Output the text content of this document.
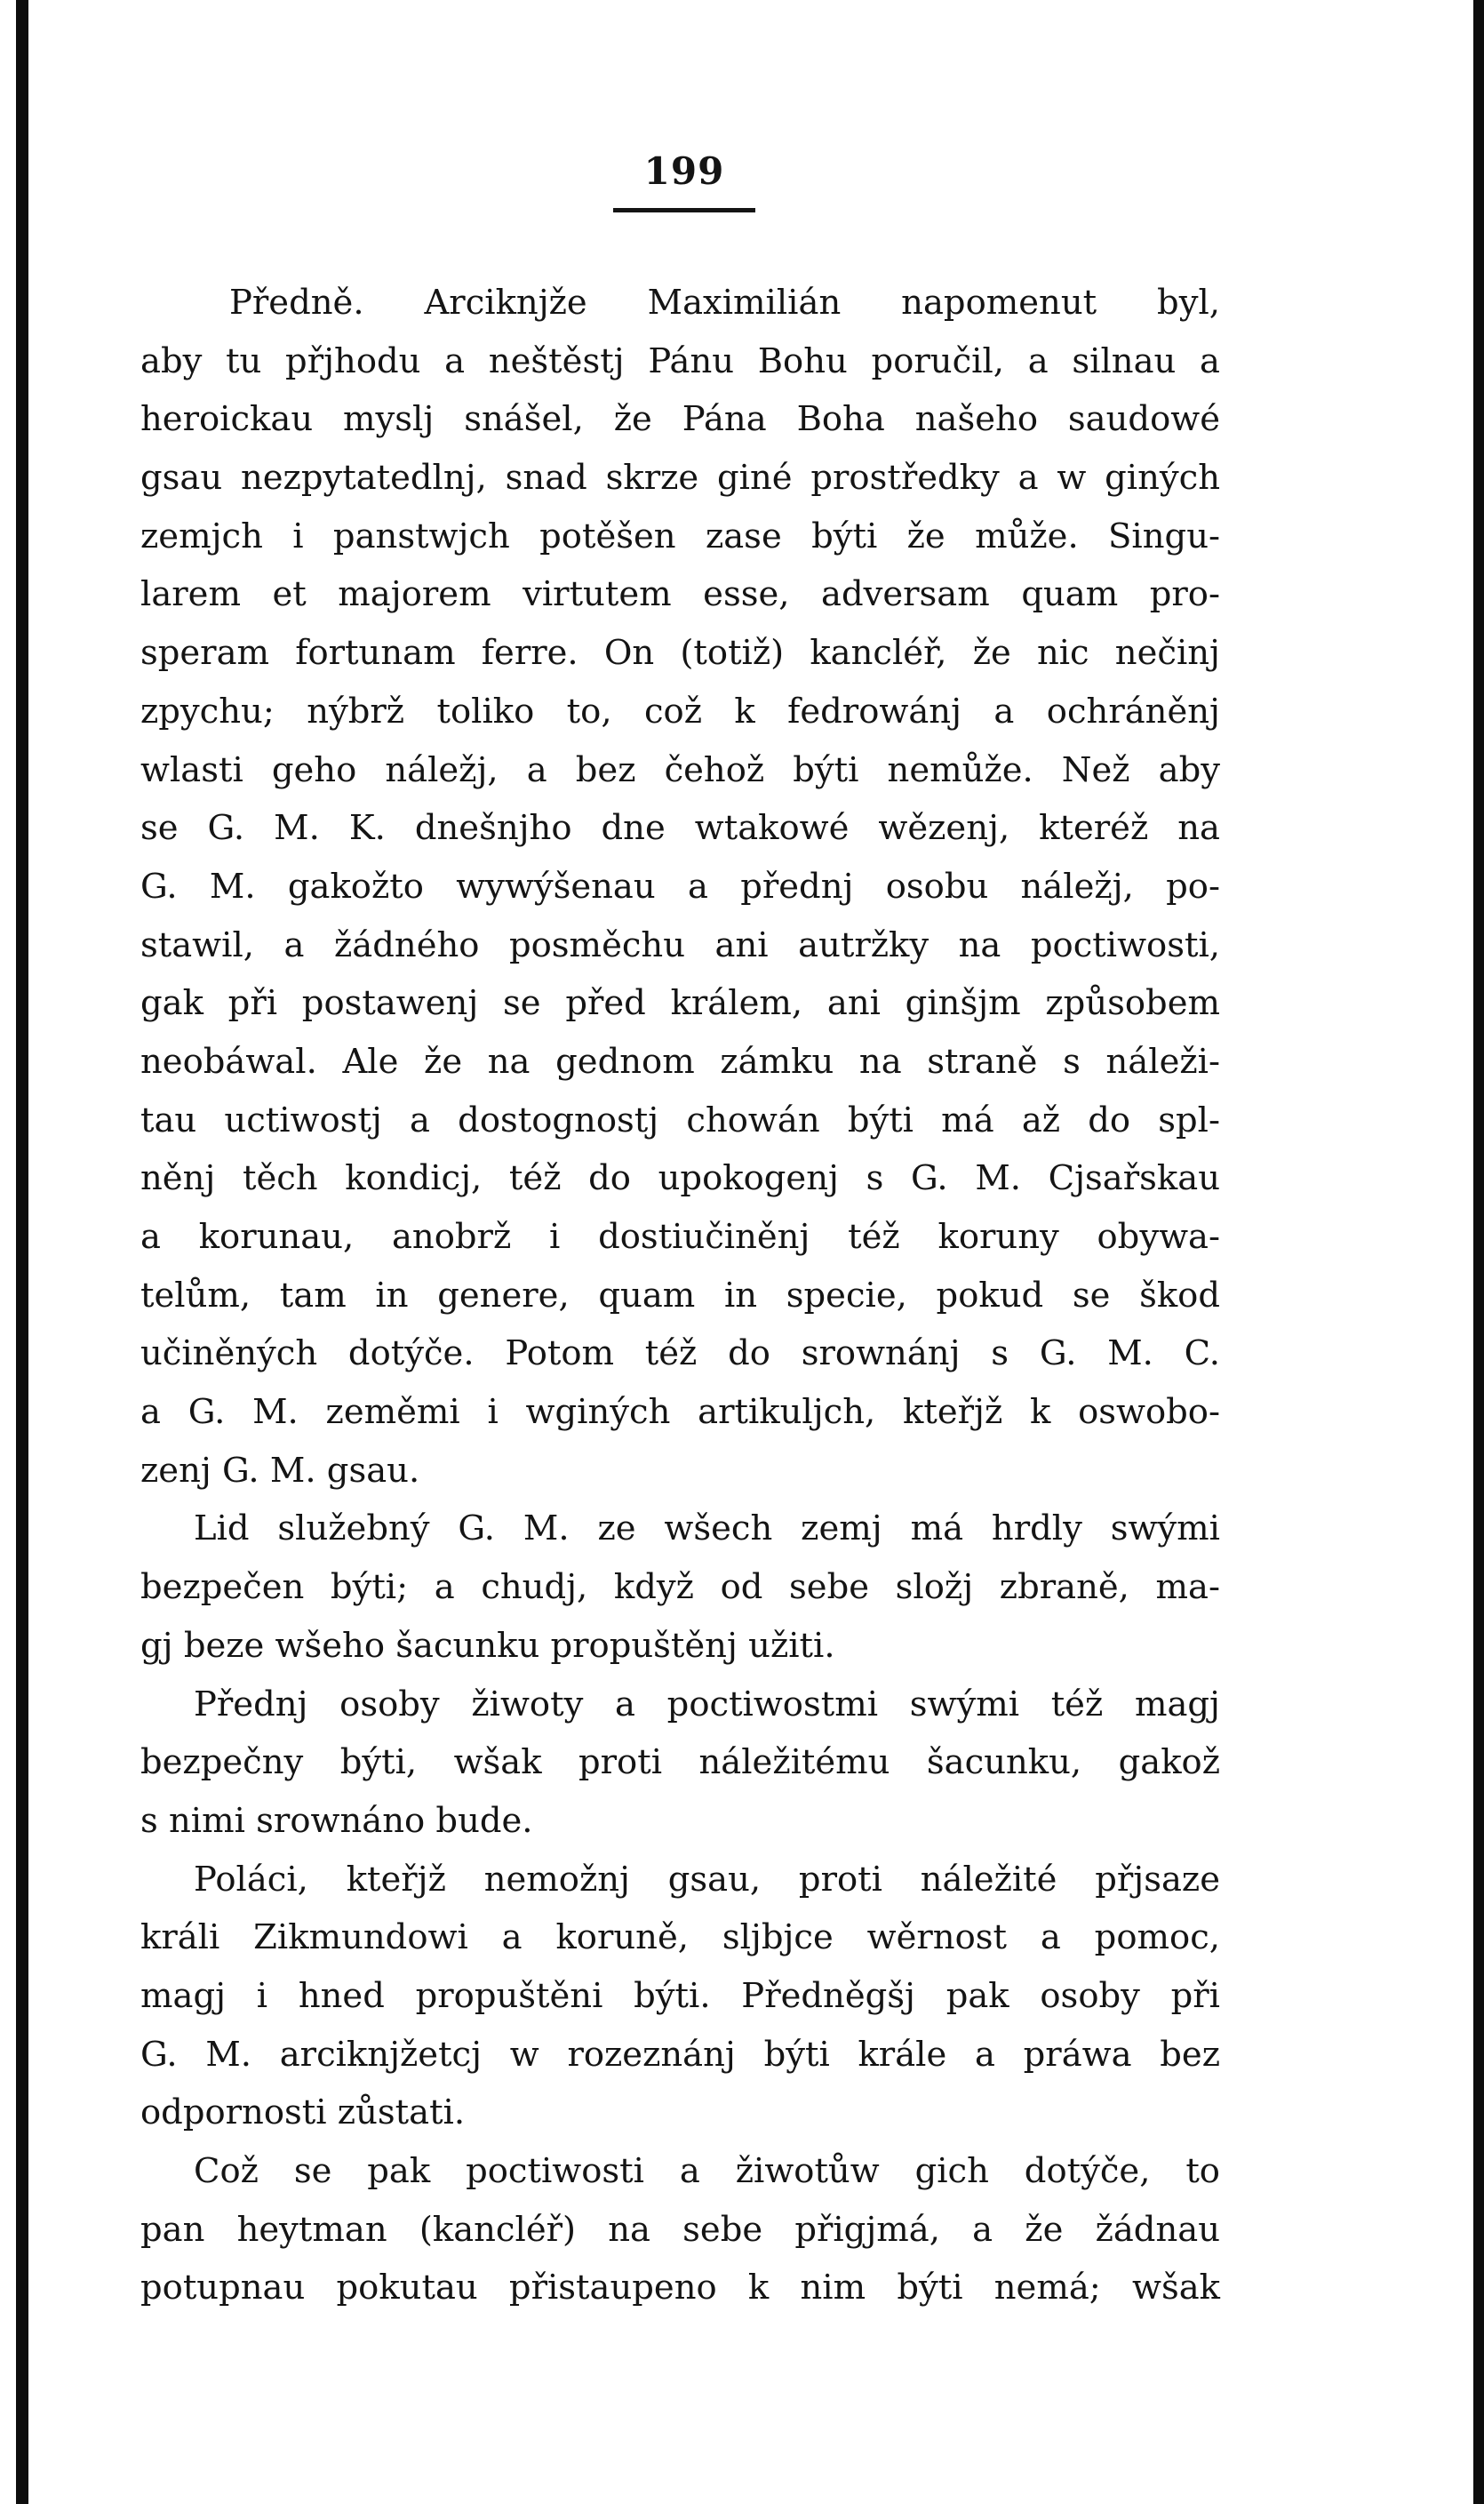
199
Předně. Arciknjže Maximilián napomenut byl,
aby tu přjhodu a neštěstj Pánu Bohu poručil, a silnau a
heroickau myslj snášel, že Pána Boha našeho saudowé
gsau nezpytatedlnj, snad skrze giné prostředky a w giných
zemjch i panstwjch potěšen zase býti že může. Singu-
larem et majorem virtutem esse, adversam quam pro-
speram fortunam ferre. On (totiž) kancléř, že nic nečinj
zpychu; nýbrž toliko to, což k fedrowánj a ochráněnj
wlasti geho náležj, a bez čehož býti nemůže. Než aby
se G. M. K. dnešnjho dne wtakowé wězenj, kteréž na
G. M. gakožto wywýšenau a přednj osobu náležj, po-
stawil, a žádného posměchu ani autržky na poctiwosti,
gak při postawenj se před králem, ani ginšjm způsobem
neobáwal. Ale že na gednom zámku na straně s náleži-
tau uctiwostj a dostognostj chowán býti má až do spl-
něnj těch kondicj, též do upokogenj s G. M. Cjsařskau
a korunau, anobrž i dostiučiněnj též koruny obywa-
telům, tam in genere, quam in specie, pokud se škod
učiněných dotýče. Potom též do srownánj s G. M. C.
a G. M. zeměmi i wginých artikuljch, kteřjž k oswobo-
zenj G. M. gsau.
Lid služebný G. M. ze wšech zemj má hrdly swými
bezpečen býti; a chudj, když od sebe složj zbraně, ma-
gj beze wšeho šacunku propuštěnj užiti.
Přednj osoby žiwoty a poctiwostmi swými též magj
bezpečny býti, wšak proti náležitému šacunku, gakož
s nimi srownáno bude.
Poláci, kteřjž nemožnj gsau, proti náležité přjsaze
králi Zikmundowi a koruně, sljbjce wěrnost a pomoc,
magj i hned propuštěni býti. Předněgšj pak osoby při
G. M. arciknjžetcj w rozeznánj býti krále a práwa bez
odpornosti zůstati.
Což se pak poctiwosti a žiwotůw gich dotýče, to
pan heytman (kancléř) na sebe přigjmá, a že žádnau
potupnau pokutau přistaupeno k nim býti nemá; wšak
